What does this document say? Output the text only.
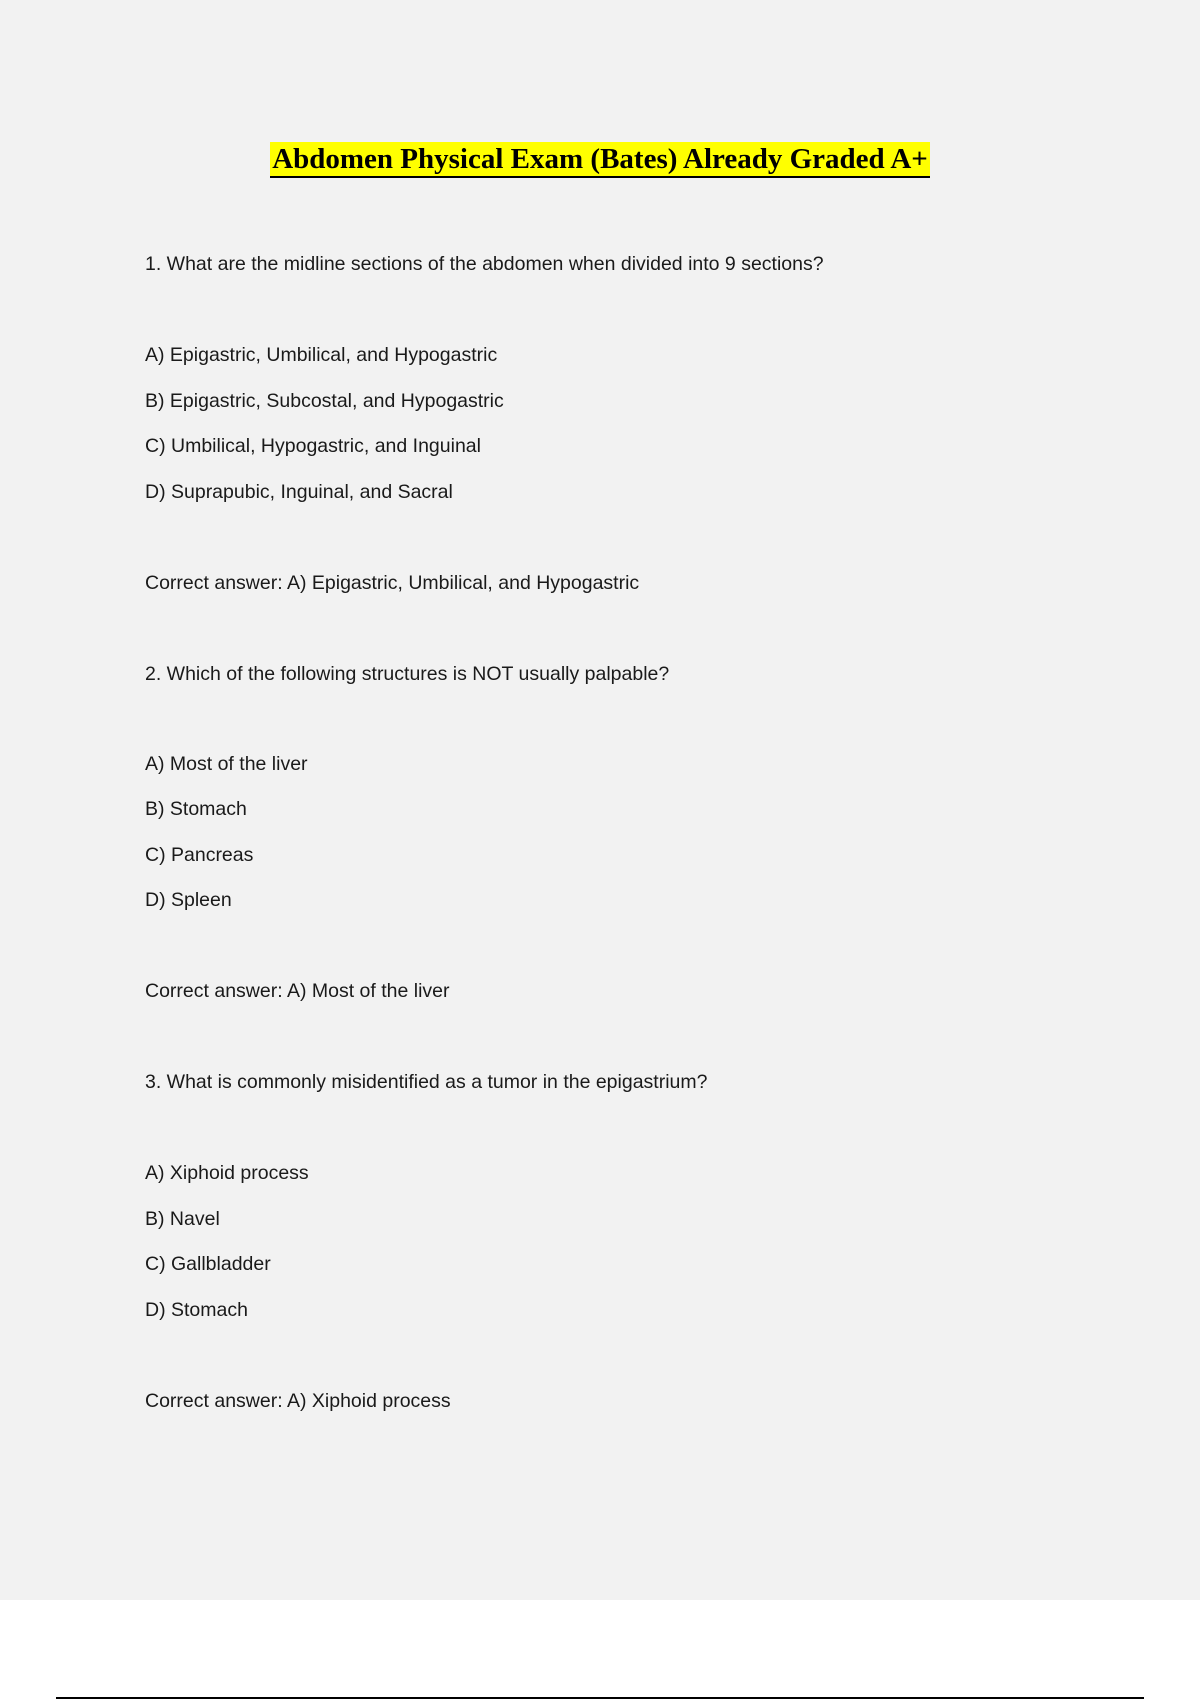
Abdomen Physical Exam (Bates) Already Graded A+
1. What are the midline sections of the abdomen when divided into 9 sections?
A) Epigastric, Umbilical, and Hypogastric
B) Epigastric, Subcostal, and Hypogastric
C) Umbilical, Hypogastric, and Inguinal
D) Suprapubic, Inguinal, and Sacral
Correct answer: A) Epigastric, Umbilical, and Hypogastric
2. Which of the following structures is NOT usually palpable?
A) Most of the liver
B) Stomach
C) Pancreas
D) Spleen
Correct answer: A) Most of the liver
3. What is commonly misidentified as a tumor in the epigastrium?
A) Xiphoid process
B) Navel
C) Gallbladder
D) Stomach
Correct answer: A) Xiphoid process
